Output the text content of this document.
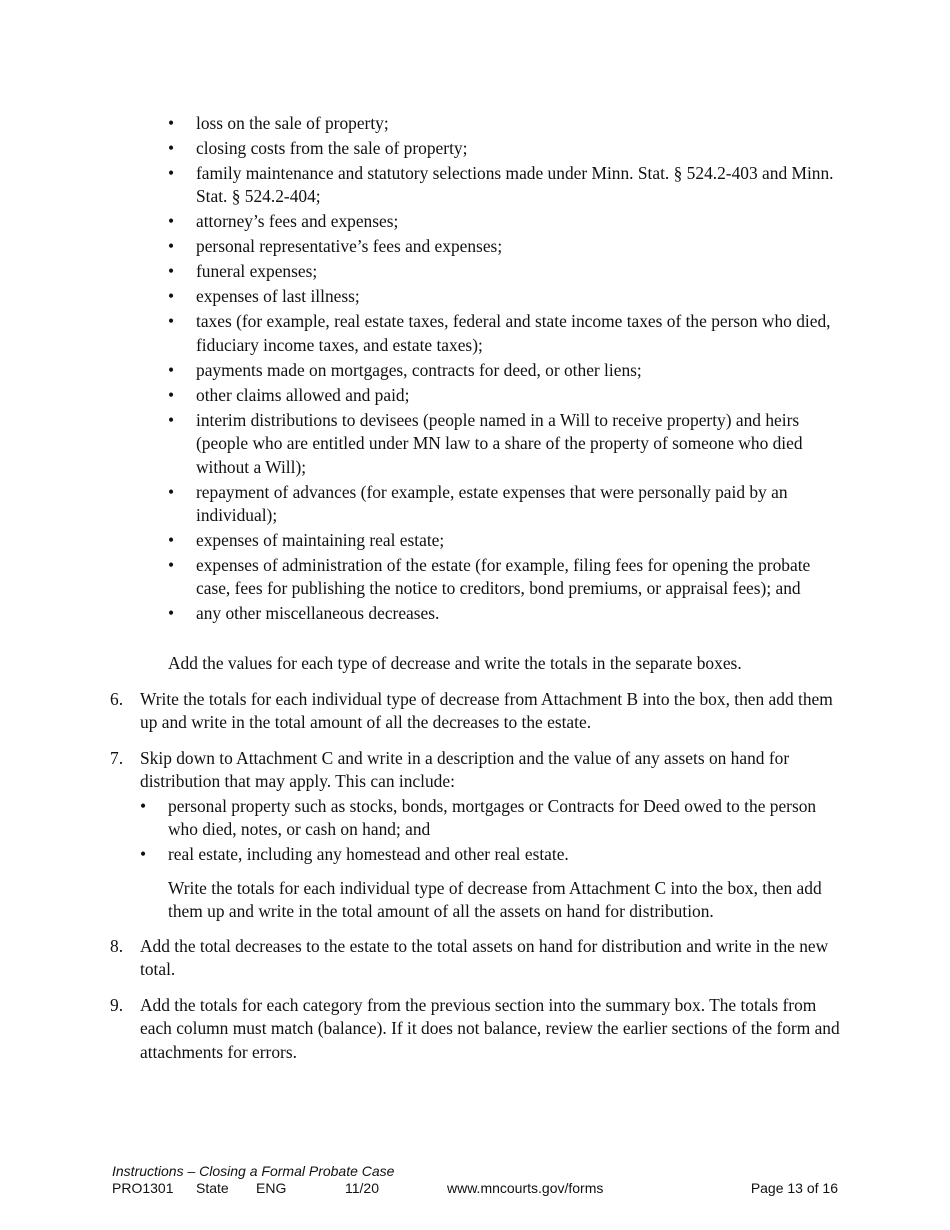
• loss on the sale of property;
• closing costs from the sale of property;
• family maintenance and statutory selections made under Minn. Stat. § 524.2-403 and Minn. Stat. § 524.2-404;
• attorney’s fees and expenses;
• personal representative’s fees and expenses;
• funeral expenses;
• expenses of last illness;
• taxes (for example, real estate taxes, federal and state income taxes of the person who died, fiduciary income taxes, and estate taxes);
• payments made on mortgages, contracts for deed, or other liens;
• other claims allowed and paid;
• interim distributions to devisees (people named in a Will to receive property) and heirs (people who are entitled under MN law to a share of the property of someone who died without a Will);
• repayment of advances (for example, estate expenses that were personally paid by an individual);
• expenses of maintaining real estate;
• expenses of administration of the estate (for example, filing fees for opening the probate case, fees for publishing the notice to creditors, bond premiums, or appraisal fees); and
• any other miscellaneous decreases.

Add the values for each type of decrease and write the totals in the separate boxes.

6. Write the totals for each individual type of decrease from Attachment B into the box, then add them up and write in the total amount of all the decreases to the estate.
7. Skip down to Attachment C and write in a description and the value of any assets on hand for distribution that may apply. This can include:
• personal property such as stocks, bonds, mortgages or Contracts for Deed owed to the person who died, notes, or cash on hand; and
• real estate, including any homestead and other real estate.
Write the totals for each individual type of decrease from Attachment C into the box, then add them up and write in the total amount of all the assets on hand for distribution.
8. Add the total decreases to the estate to the total assets on hand for distribution and write in the new total.
9. Add the totals for each category from the previous section into the summary box. The totals from each column must match (balance). If it does not balance, review the earlier sections of the form and attachments for errors.
Instructions – Closing a Formal Probate Case
PRO1301 State ENG	11/20	www.mncourts.gov/forms	Page 13 of 16
